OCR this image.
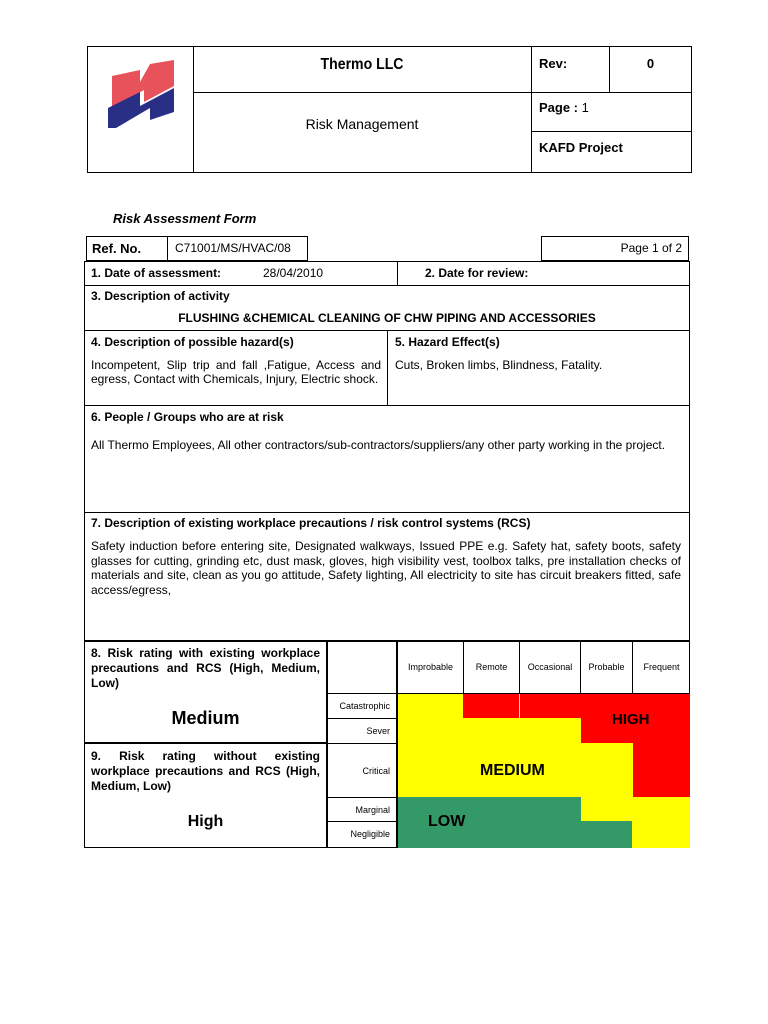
Thermo LLC
Risk Management
Rev:	0
Page : 1
KAFD Project
Risk Assessment Form
Ref. No.	C71001/MS/HVAC/08	Page 1 of 2
1. Date of assessment:	28/04/2010	2. Date for review:
3. Description of activity
FLUSHING &CHEMICAL CLEANING OF CHW PIPING AND ACCESSORIES
4. Description of possible hazard(s)
Incompetent, Slip trip and fall ,Fatigue, Access and egress, Contact with Chemicals, Injury, Electric shock.
5. Hazard Effect(s)
Cuts, Broken limbs, Blindness, Fatality.
6. People / Groups who are at risk
All Thermo Employees, All other contractors/sub-contractors/suppliers/any other party working in the project.
7. Description of existing workplace precautions / risk control systems (RCS)
Safety induction before entering site, Designated walkways, Issued PPE e.g. Safety hat, safety boots, safety glasses for cutting, grinding etc, dust mask, gloves, high visibility vest, toolbox talks, pre installation checks of materials and site, clean as you go attitude, Safety lighting, All electricity to site has circuit breakers fitted, safe access/egress,
8. Risk rating with existing workplace precautions and RCS (High, Medium, Low)
Medium
9. Risk rating without existing workplace precautions and RCS (High, Medium, Low)
High
Improbable	Remote	Occasional	Probable	Frequent
Catastrophic
Sever
Critical
Marginal
Negligible
HIGH
MEDIUM
LOW
